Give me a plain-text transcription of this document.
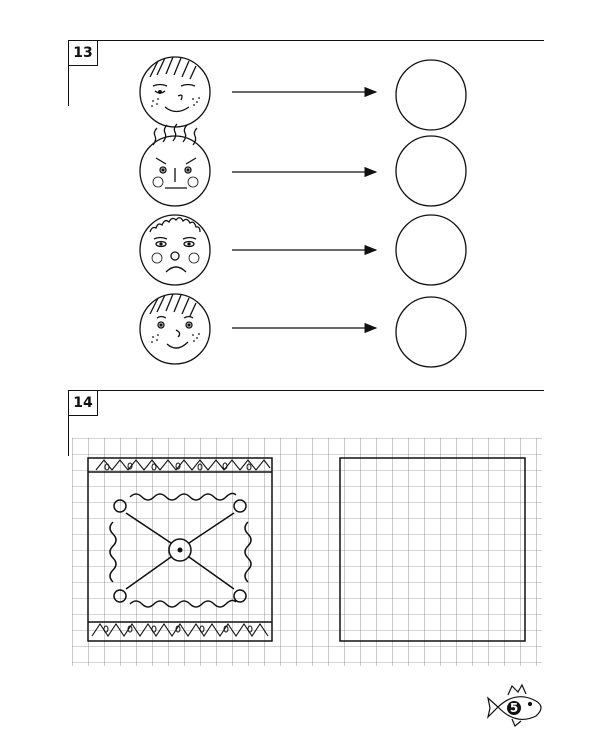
13
14
5
